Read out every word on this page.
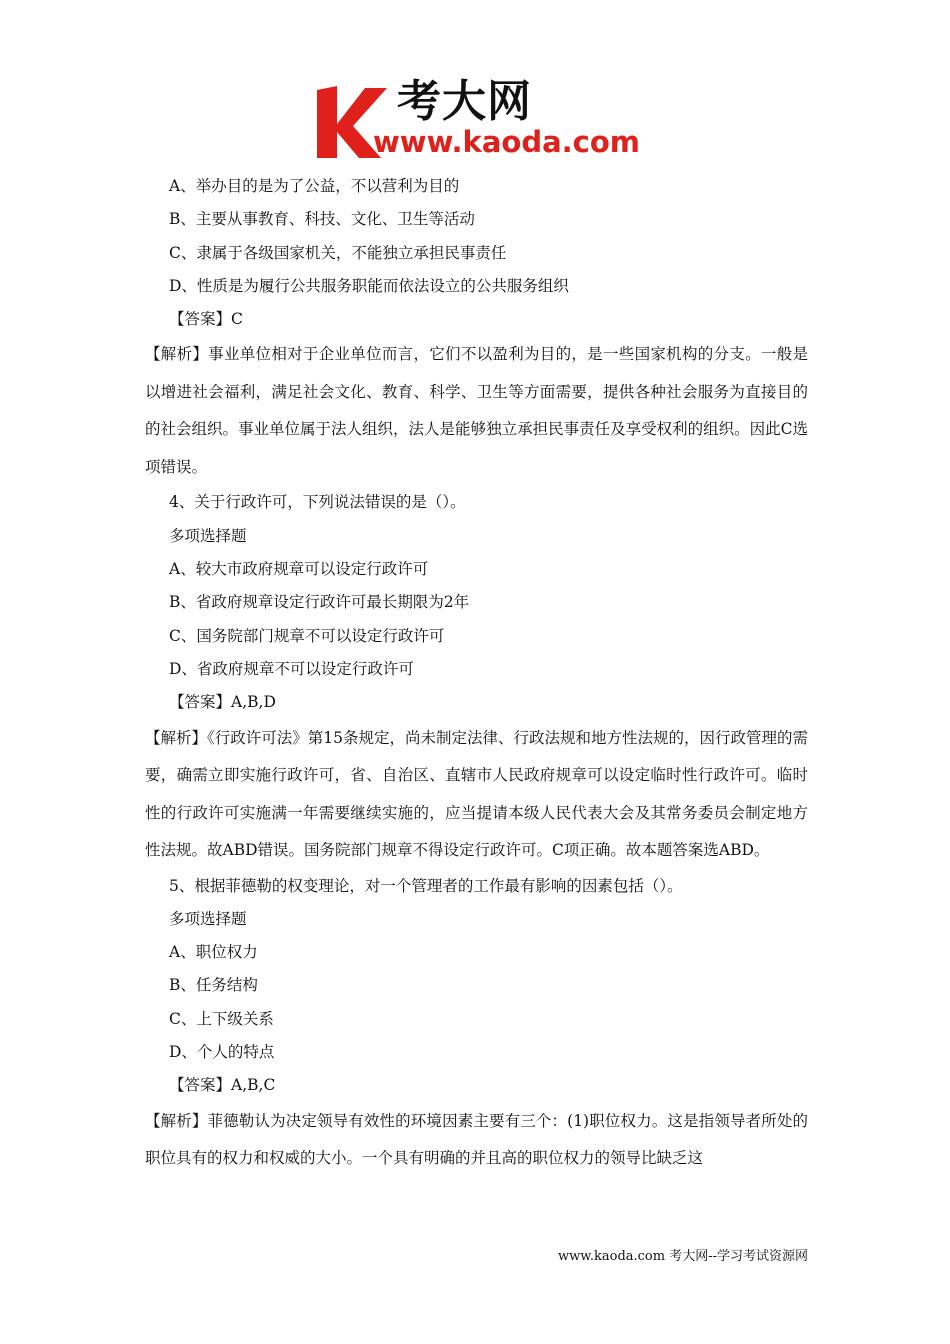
考大网
www.kaoda.com
A、举办目的是为了公益，不以营利为目的
B、主要从事教育、科技、文化、卫生等活动
C、隶属于各级国家机关，不能独立承担民事责任
D、性质是为履行公共服务职能而依法设立的公共服务组织
【答案】C

【解析】事业单位相对于企业单位而言，它们不以盈利为目的，是一些国家机构的分支。一般是以增进社会福利，满足社会文化、教育、科学、卫生等方面需要，提供各种社会服务为直接目的的社会组织。事业单位属于法人组织，法人是能够独立承担民事责任及享受权利的组织。因此C选项错误。

4、关于行政许可，下列说法错误的是（）。
多项选择题
A、较大市政府规章可以设定行政许可
B、省政府规章设定行政许可最长期限为2年
C、国务院部门规章不可以设定行政许可
D、省政府规章不可以设定行政许可
【答案】A,B,D

【解析】《行政许可法》第15条规定，尚未制定法律、行政法规和地方性法规的，因行政管理的需要，确需立即实施行政许可，省、自治区、直辖市人民政府规章可以设定临时性行政许可。临时性的行政许可实施满一年需要继续实施的，应当提请本级人民代表大会及其常务委员会制定地方性法规。故ABD错误。国务院部门规章不得设定行政许可。C项正确。故本题答案选ABD。

5、根据菲德勒的权变理论，对一个管理者的工作最有影响的因素包括（）。
多项选择题
A、职位权力
B、任务结构
C、上下级关系
D、个人的特点
【答案】A,B,C

【解析】菲德勒认为决定领导有效性的环境因素主要有三个：(1)职位权力。这是指领导者所处的职位具有的权力和权威的大小。一个具有明确的并且高的职位权力的领导比缺乏这

www.kaoda.com 考大网--学习考试资源网
